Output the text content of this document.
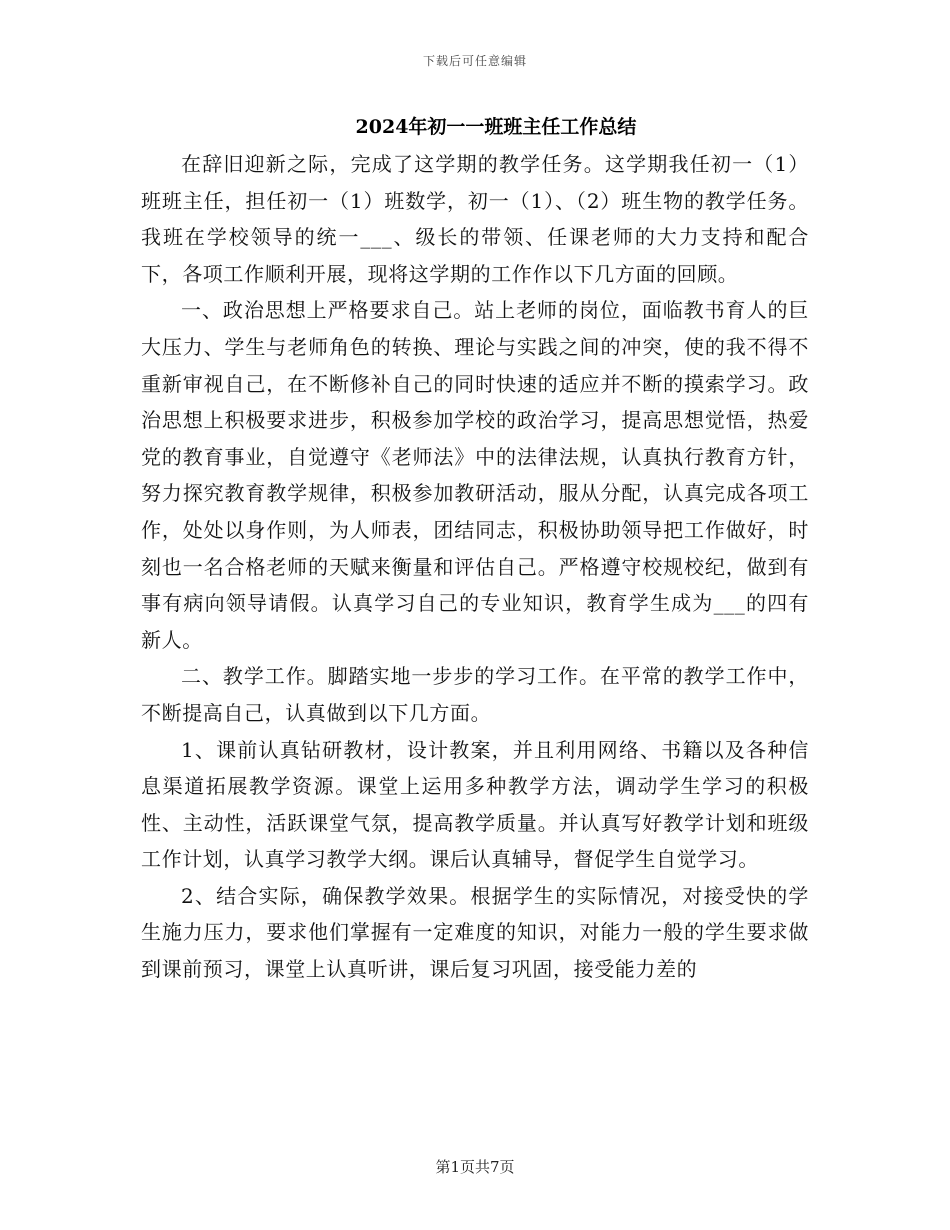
下载后可任意编辑
2024年初一一班班主任工作总结

在辞旧迎新之际，完成了这学期的教学任务。这学期我任初一（1）班班主任，担任初一（1）班数学，初一（1）、（2）班生物的教学任务。我班在学校领导的统一___、级长的带领、任课老师的大力支持和配合下，各项工作顺利开展，现将这学期的工作作以下几方面的回顾。

一、政治思想上严格要求自己。站上老师的岗位，面临教书育人的巨大压力、学生与老师角色的转换、理论与实践之间的冲突，使的我不得不重新审视自己，在不断修补自己的同时快速的适应并不断的摸索学习。政治思想上积极要求进步，积极参加学校的政治学习，提高思想觉悟，热爱党的教育事业，自觉遵守《老师法》中的法律法规，认真执行教育方针，努力探究教育教学规律，积极参加教研活动，服从分配，认真完成各项工作，处处以身作则，为人师表，团结同志，积极协助领导把工作做好，时刻也一名合格老师的天赋来衡量和评估自己。严格遵守校规校纪，做到有事有病向领导请假。认真学习自己的专业知识，教育学生成为___的四有新人。

二、教学工作。脚踏实地一步步的学习工作。在平常的教学工作中，不断提高自己，认真做到以下几方面。

1、课前认真钻研教材，设计教案，并且利用网络、书籍以及各种信息渠道拓展教学资源。课堂上运用多种教学方法，调动学生学习的积极性、主动性，活跃课堂气氛，提高教学质量。并认真写好教学计划和班级工作计划，认真学习教学大纲。课后认真辅导，督促学生自觉学习。

2、结合实际，确保教学效果。根据学生的实际情况，对接受快的学生施力压力，要求他们掌握有一定难度的知识，对能力一般的学生要求做到课前预习，课堂上认真听讲，课后复习巩固，接受能力差的

第1页共7页
